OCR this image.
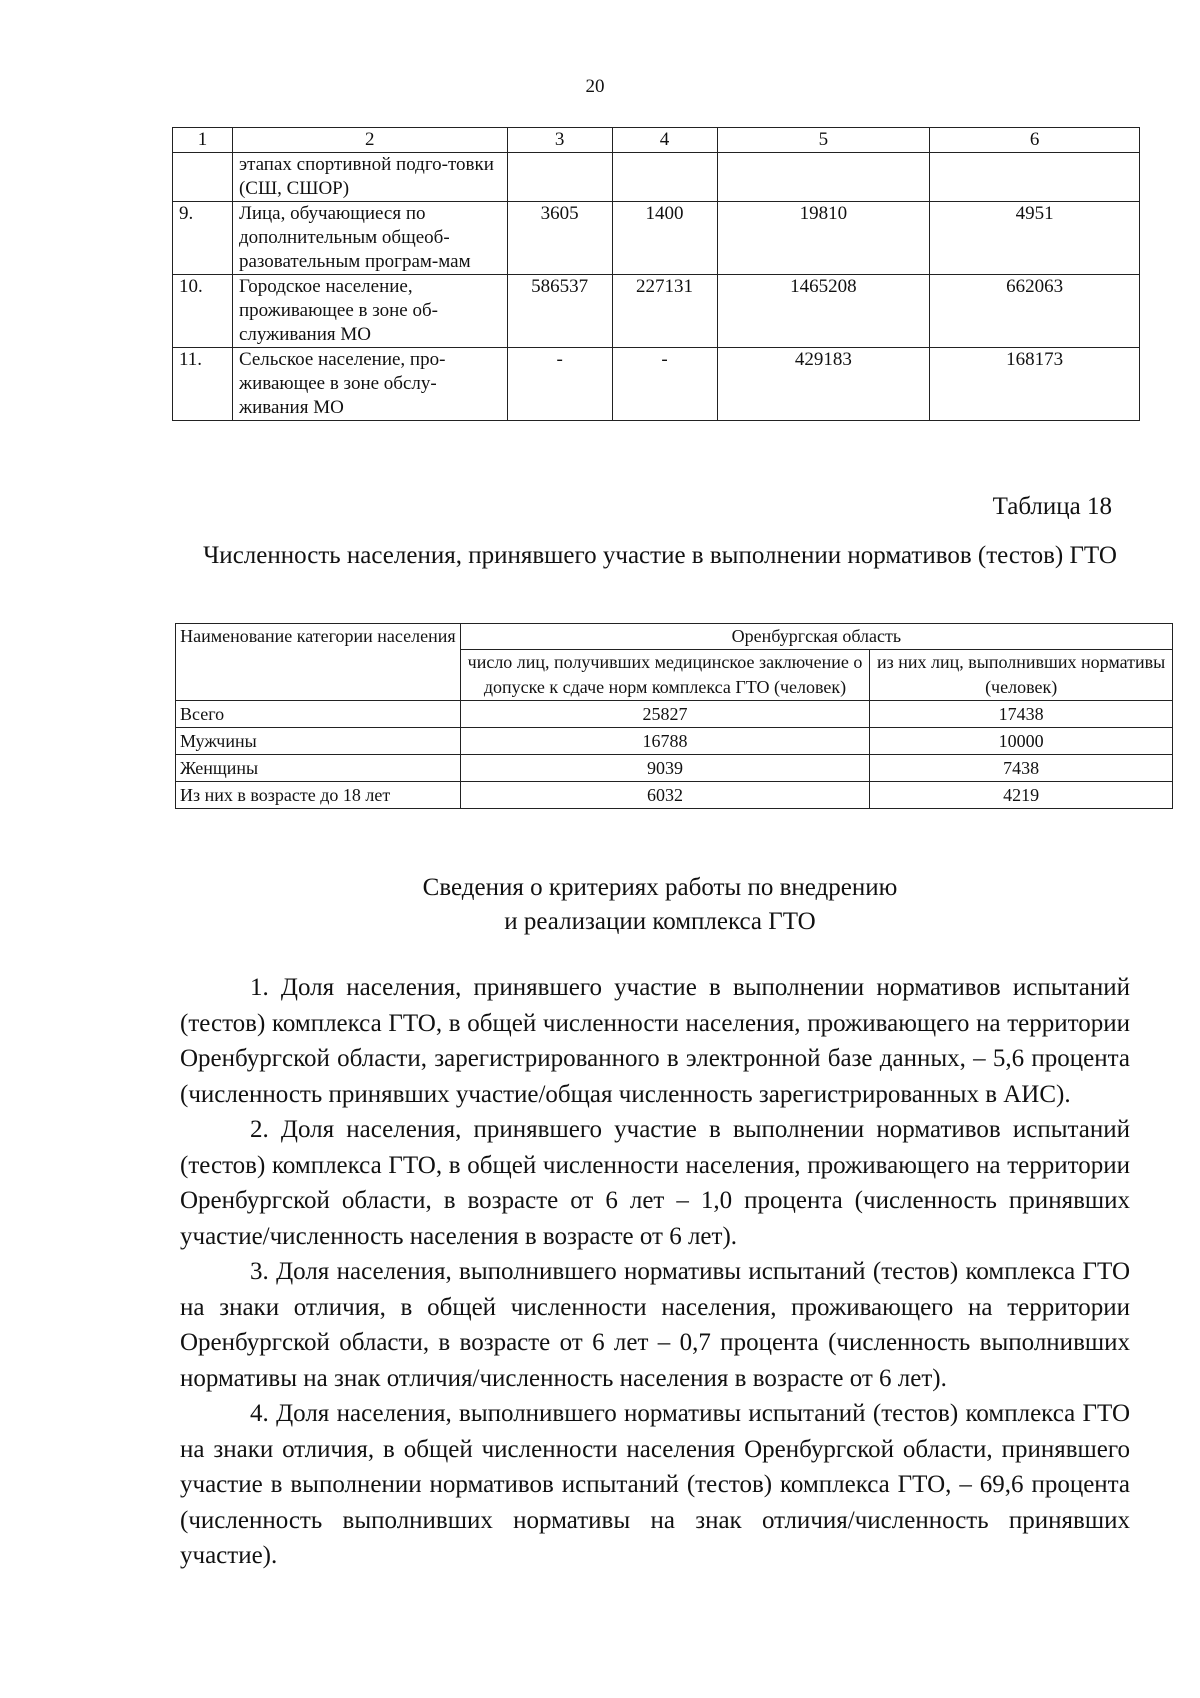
20
1	2	3	4	5	6
	этапах спортивной подго-товки (СШ, СШОР)				
9.	Лица, обучающиеся по дополнительным общеоб-разовательным програм-мам	3605	1400	19810	4951
10.	Городское население, проживающее в зоне об-служивания МО	586537	227131	1465208	662063
11.	Сельское население, про-живающее в зоне обслу-живания МО	-	-	429183	168173
Таблица 18
Численность населения, принявшего участие в выполнении нормативов (тестов) ГТО
Наименование категории населения	Оренбургская область	
	число лиц, получивших медицинское заключение о допуске к сдаче норм комплекса ГТО (человек)	из них лиц, выполнивших нормативы (человек)
Всего	25827	17438
Мужчины	16788	10000
Женщины	9039	7438
Из них в возрасте до 18 лет	6032	4219
Сведения о критериях работы по внедрению
и реализации комплекса ГТО

1. Доля населения, принявшего участие в выполнении нормативов испытаний (тестов) комплекса ГТО, в общей численности населения, проживающего на территории Оренбургской области, зарегистрированного в электронной базе данных, – 5,6 процента (численность принявших участие/общая численность зарегистрированных в АИС).

2. Доля населения, принявшего участие в выполнении нормативов испытаний (тестов) комплекса ГТО, в общей численности населения, проживающего на территории Оренбургской области, в возрасте от 6 лет – 1,0 процента (численность принявших участие/численность населения в возрасте от 6 лет).

3. Доля населения, выполнившего нормативы испытаний (тестов) комплекса ГТО на знаки отличия, в общей численности населения, проживающего на территории Оренбургской области, в возрасте от 6 лет – 0,7 процента (численность выполнивших нормативы на знак отличия/численность населения в возрасте от 6 лет).

4. Доля населения, выполнившего нормативы испытаний (тестов) комплекса ГТО на знаки отличия, в общей численности населения Оренбургской области, принявшего участие в выполнении нормативов испытаний (тестов) комплекса ГТО, – 69,6 процента (численность выполнивших нормативы на знак отличия/численность принявших участие).
